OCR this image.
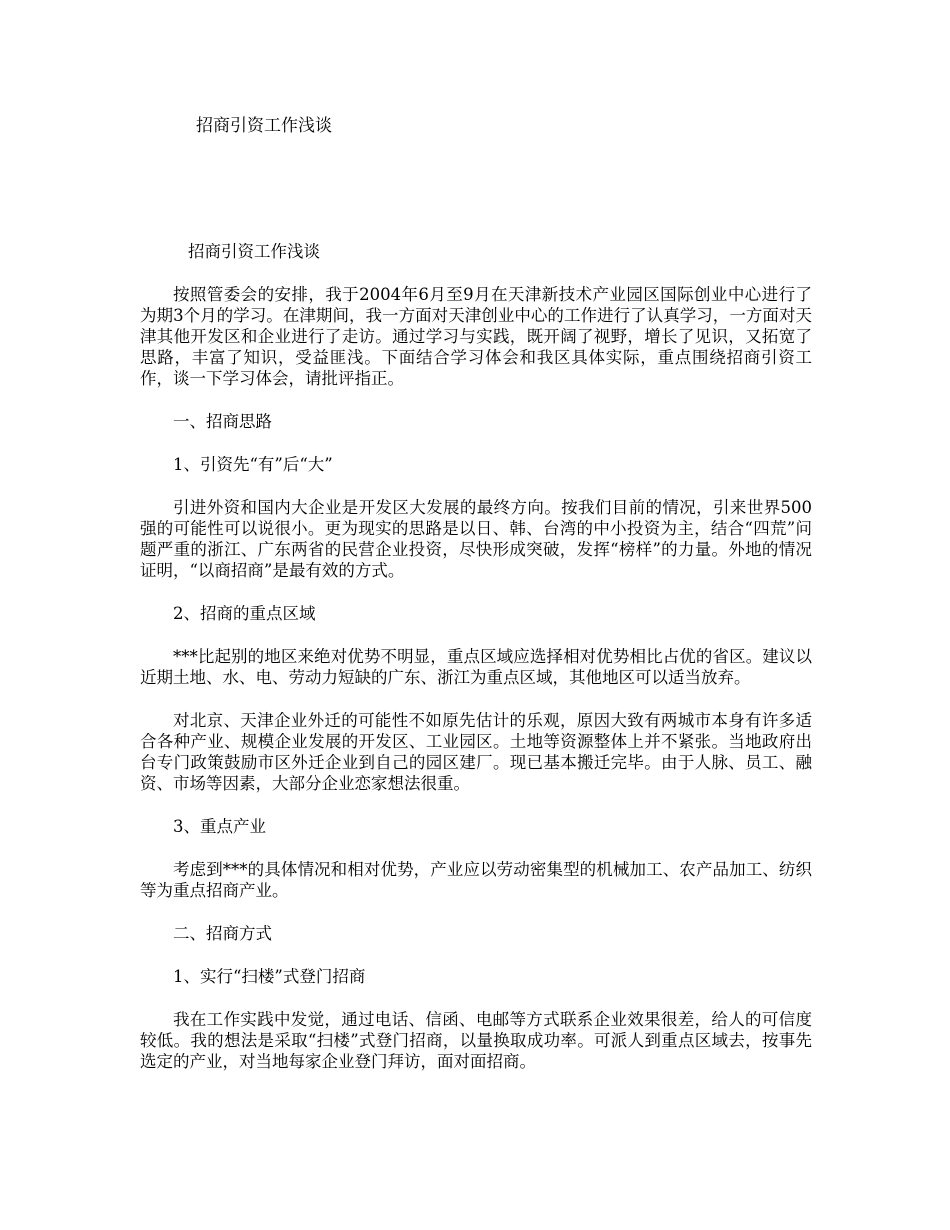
招商引资工作浅谈

招商引资工作浅谈

按照管委会的安排，我于2004年6月至9月在天津新技术产业园区国际创业中心进行了为期3个月的学习。在津期间，我一方面对天津创业中心的工作进行了认真学习，一方面对天津其他开发区和企业进行了走访。通过学习与实践，既开阔了视野，增长了见识，又拓宽了思路，丰富了知识，受益匪浅。下面结合学习体会和我区具体实际，重点围绕招商引资工作，谈一下学习体会，请批评指正。

一、招商思路

1、引资先“有”后“大”

引进外资和国内大企业是开发区大发展的最终方向。按我们目前的情况，引来世界500强的可能性可以说很小。更为现实的思路是以日、韩、台湾的中小投资为主，结合“四荒”问题严重的浙江、广东两省的民营企业投资，尽快形成突破，发挥“榜样”的力量。外地的情况证明，“以商招商”是最有效的方式。

2、招商的重点区域

***比起别的地区来绝对优势不明显，重点区域应选择相对优势相比占优的省区。建议以近期土地、水、电、劳动力短缺的广东、浙江为重点区域，其他地区可以适当放弃。

对北京、天津企业外迁的可能性不如原先估计的乐观，原因大致有两城市本身有许多适合各种产业、规模企业发展的开发区、工业园区。土地等资源整体上并不紧张。当地政府出台专门政策鼓励市区外迁企业到自己的园区建厂。现已基本搬迁完毕。由于人脉、员工、融资、市场等因素，大部分企业恋家想法很重。

3、重点产业

考虑到***的具体情况和相对优势，产业应以劳动密集型的机械加工、农产品加工、纺织等为重点招商产业。

二、招商方式

1、实行“扫楼”式登门招商

我在工作实践中发觉，通过电话、信函、电邮等方式联系企业效果很差，给人的可信度较低。我的想法是采取“扫楼”式登门招商，以量换取成功率。可派人到重点区域去，按事先选定的产业，对当地每家企业登门拜访，面对面招商。
